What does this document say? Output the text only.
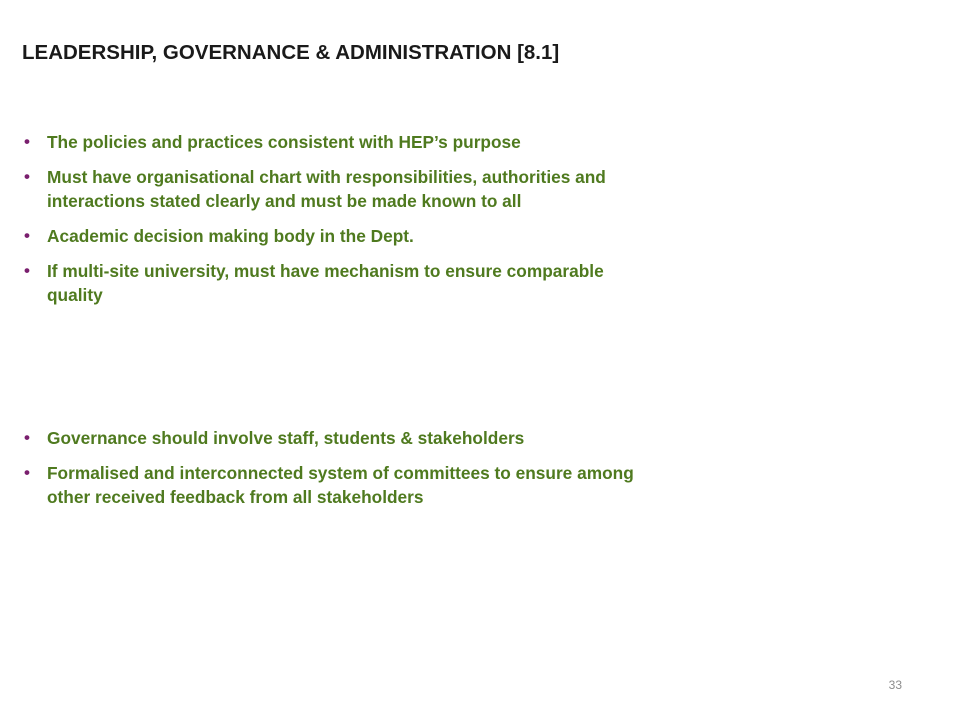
LEADERSHIP, GOVERNANCE & ADMINISTRATION [8.1]
• The policies and practices consistent with HEP’s purpose
• Must have organisational chart with responsibilities, authorities and interactions stated clearly and must be made known to all
• Academic decision making body in the Dept.
• If multi-site university, must have mechanism to ensure comparable quality
• Governance should involve staff, students & stakeholders
• Formalised and interconnected system of committees to ensure among other received feedback from all stakeholders
33
